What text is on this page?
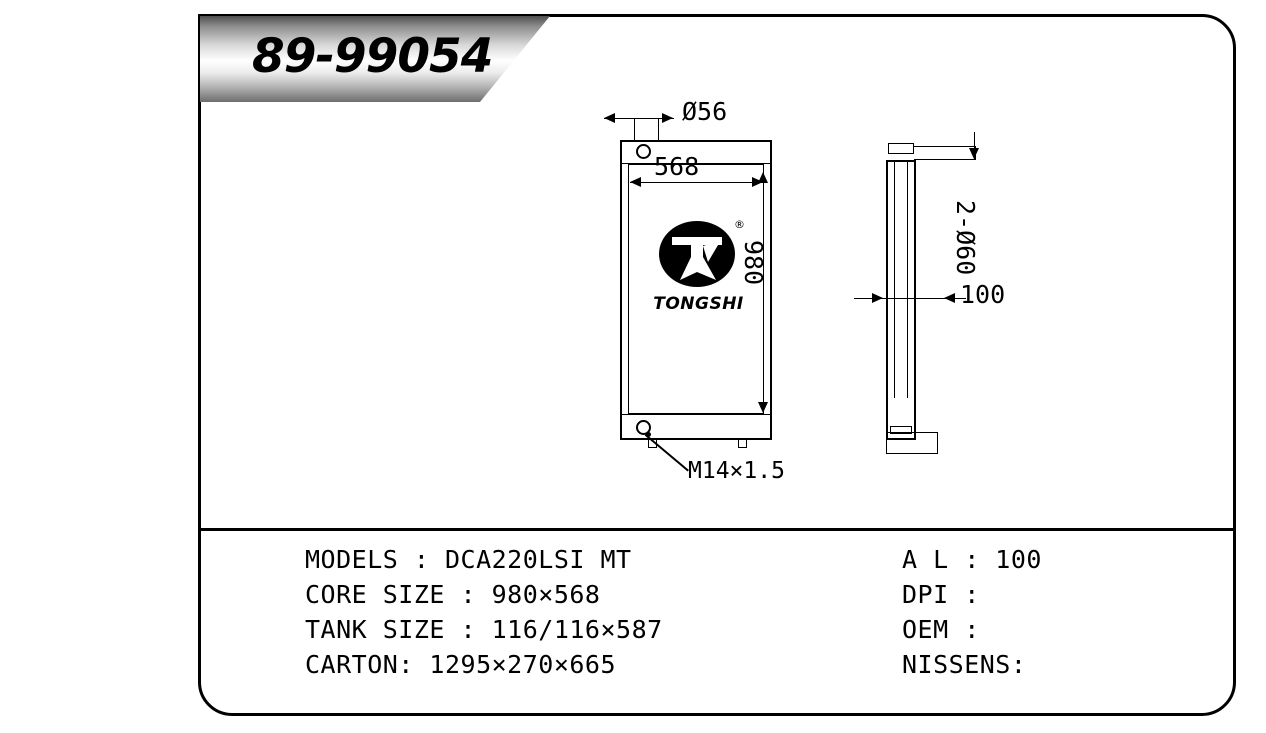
89-99054
®
TONGSHI
Ø56
568
980
M14×1.5
2-Ø60
100
MODELS : DCA220LSI MT
CORE SIZE : 980×568
TANK SIZE : 116/116×587
CARTON: 1295×270×665
A L : 100
DPI :
OEM :
NISSENS:
